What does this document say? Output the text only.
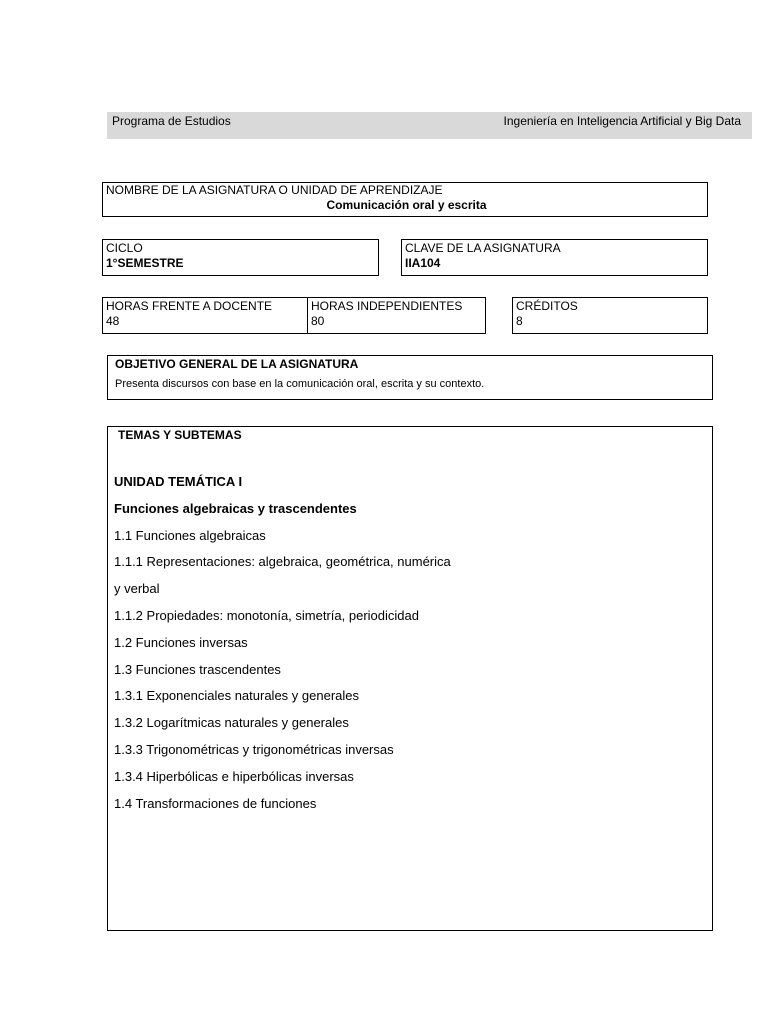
Programa de Estudios	Ingeniería en Inteligencia Artificial y Big Data
NOMBRE DE LA ASIGNATURA O UNIDAD DE APRENDIZAJE
Comunicación oral y escrita
CICLO
1°SEMESTRE
CLAVE DE LA ASIGNATURA
IIA104
HORAS FRENTE A DOCENTE
48
HORAS INDEPENDIENTES
80
CRÉDITOS
8
OBJETIVO GENERAL DE LA ASIGNATURA
Presenta discursos con base en la comunicación oral, escrita y su contexto.
TEMAS Y SUBTEMAS
UNIDAD TEMÁTICA I
Funciones algebraicas y trascendentes
1.1 Funciones algebraicas
1.1.1 Representaciones: algebraica, geométrica, numérica
y verbal
1.1.2 Propiedades: monotonía, simetría, periodicidad
1.2 Funciones inversas
1.3 Funciones trascendentes
1.3.1 Exponenciales naturales y generales
1.3.2 Logarítmicas naturales y generales
1.3.3 Trigonométricas y trigonométricas inversas
1.3.4 Hiperbólicas e hiperbólicas inversas
1.4 Transformaciones de funciones
